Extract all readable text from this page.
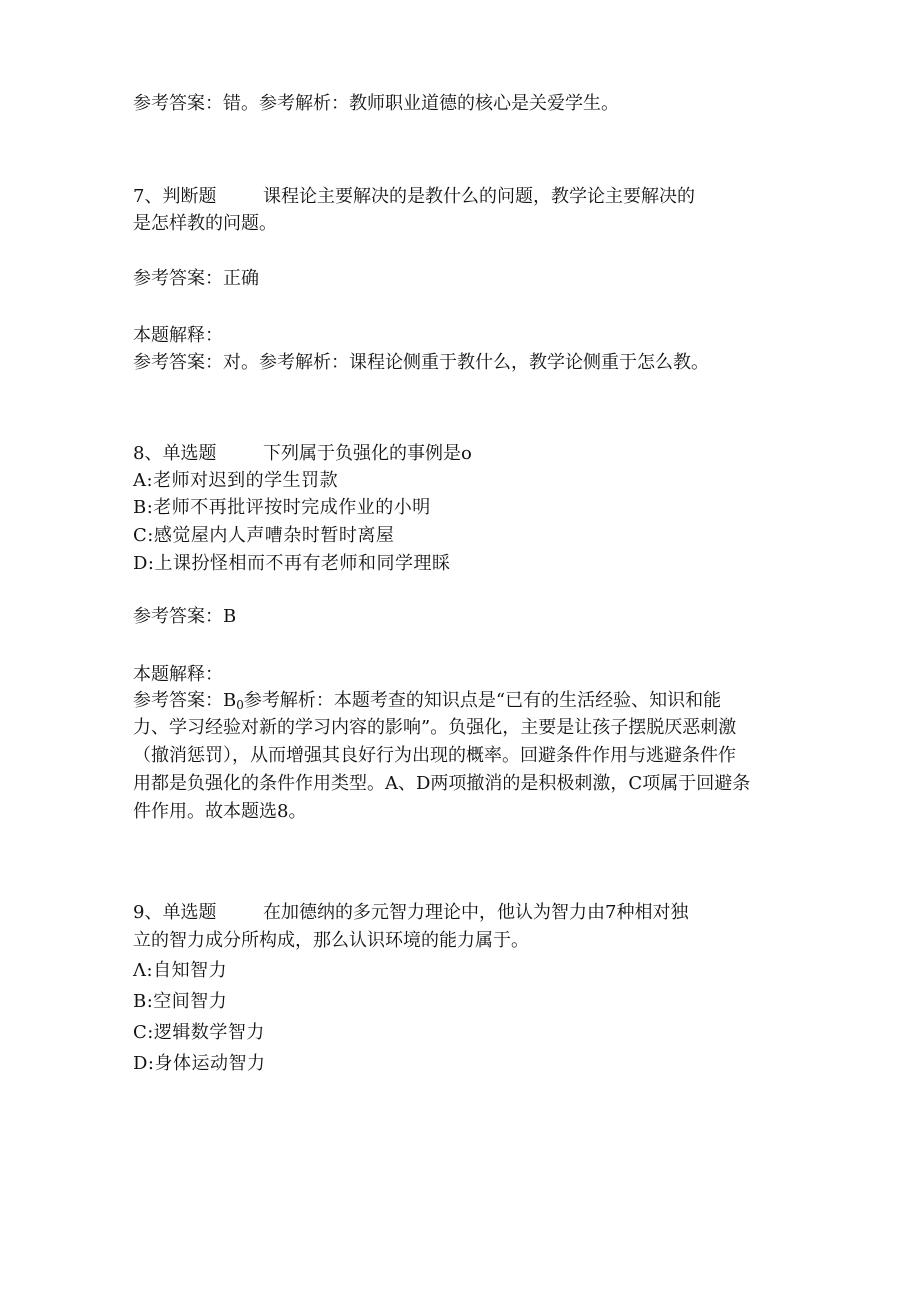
参考答案：错。参考解析：教师职业道德的核心是关爱学生。
7、判断题	课程论主要解决的是教什么的问题，教学论主要解决的
是怎样教的问题。
参考答案：正确
本题解释：
参考答案：对。参考解析：课程论侧重于教什么，教学论侧重于怎么教。
8、单选题	下列属于负强化的事例是o
A:老师对迟到的学生罚款
B:老师不再批评按时完成作业的小明
C:感觉屋内人声嘈杂时暂时离屋
D:上课扮怪相而不再有老师和同学理睬
参考答案：B
本题解释：
参考答案：$B_0$参考解析：本题考查的知识点是“已有的生活经验、知识和能
力、学习经验对新的学习内容的影响”。负强化，主要是让孩子摆脱厌恶刺激
（撤消惩罚），从而增强其良好行为出现的概率。回避条件作用与逃避条件作
用都是负强化的条件作用类型。A、D两项撤消的是积极刺激，C项属于回避条
件作用。故本题选8。
9、单选题	在加德纳的多元智力理论中，他认为智力由7种相对独
立的智力成分所构成，那么认识环境的能力属于。
Λ:自知智力
B:空间智力
C:逻辑数学智力
D:身体运动智力
